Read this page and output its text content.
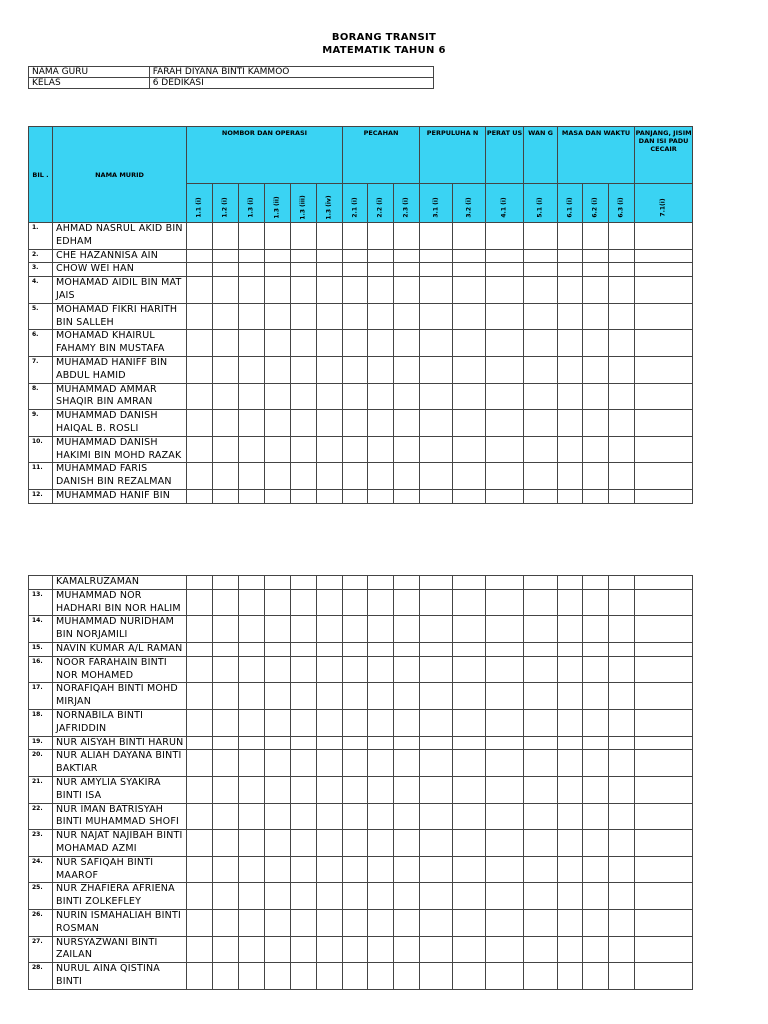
BORANG TRANSIT
MATEMATIK TAHUN 6
NAMA GURU	FARAH DIYANA BINTI KAMMOO
KELAS	6 DEDIKASI
BIL .	NAMA MURID	NOMBOR DAN OPERASI						PECAHAN			PERPULUHA N		PERAT US	WAN G	MASA DAN WAKTU			PANJANG, JISIM DAN ISI PADU CECAIR
		1.1 (i)	1.2 (i)	1.3 (i)	1.3 (ii)	1.3 (iii)	1.3 (iv)	2.1 (i)	2.2 (i)	2.3 (i)	3.1 (i)	3.2 (i)	4.1 (i)	5.1 (i)	6.1 (i)	6.2 (i)	6.3 (i)	7.1(i)
1.	AHMAD NASRUL AKID BIN EDHAM																	
2.	CHE HAZANNISA AIN																	
3.	CHOW WEI HAN																	
4.	MOHAMAD AIDIL BIN MAT JAIS																	
5.	MOHAMAD FIKRI HARITH BIN SALLEH																	
6.	MOHAMAD KHAIRUL FAHAMY BIN MUSTAFA																	
7.	MUHAMAD HANIFF BIN ABDUL HAMID																	
8.	MUHAMMAD AMMAR SHAQIR BIN AMRAN																	
9.	MUHAMMAD DANISH HAIQAL B. ROSLI																	
10.	MUHAMMAD DANISH HAKIMI BIN MOHD RAZAK																	
11.	MUHAMMAD FARIS DANISH BIN REZALMAN																	
12.	MUHAMMAD HANIF BIN																	
	KAMALRUZAMAN																	
13.	MUHAMMAD NOR HADHARI BIN NOR HALIM																	
14.	MUHAMMAD NURIDHAM BIN NORJAMILI																	
15.	NAVIN KUMAR A/L RAMAN																	
16.	NOOR FARAHAIN BINTI NOR MOHAMED																	
17.	NORAFIQAH BINTI MOHD MIRJAN																	
18.	NORNABILA BINTI JAFRIDDIN																	
19.	NUR AISYAH BINTI HARUN																	
20.	NUR ALIAH DAYANA BINTI BAKTIAR																	
21.	NUR AMYLIA SYAKIRA BINTI ISA																	
22.	NUR IMAN BATRISYAH BINTI MUHAMMAD SHOFI																	
23.	NUR NAJAT NAJIBAH BINTI MOHAMAD AZMI																	
24.	NUR SAFIQAH BINTI MAAROF																	
25.	NUR ZHAFIERA AFRIENA BINTI ZOLKEFLEY																	
26.	NURIN ISMAHALIAH BINTI ROSMAN																	
27.	NURSYAZWANI BINTI ZAILAN																	
28.	NURUL AINA QISTINA BINTI																	
